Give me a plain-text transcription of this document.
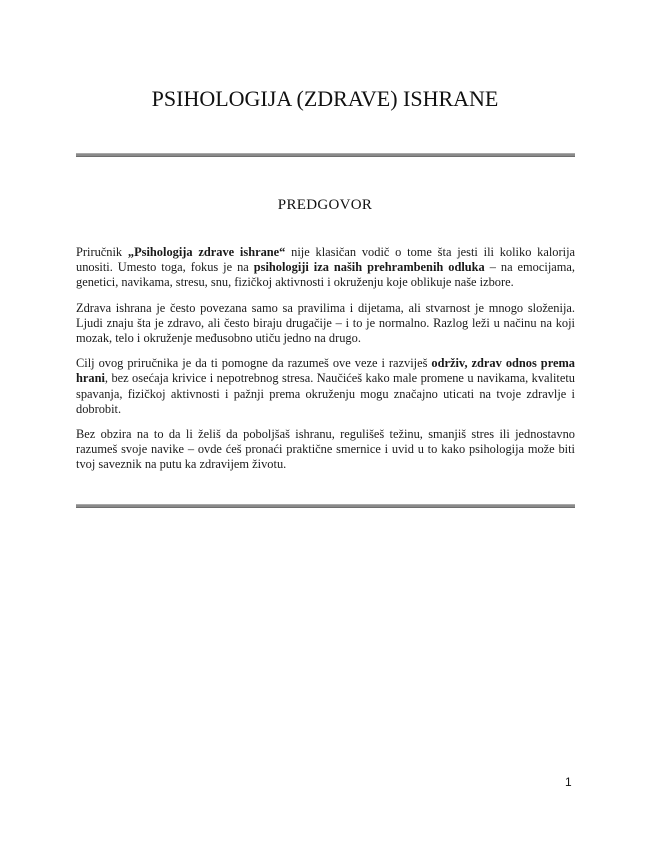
PSIHOLOGIJA (ZDRAVE) ISHRANE
PREDGOVOR

Priručnik „Psihologija zdrave ishrane“ nije klasičan vodič o tome šta jesti ili koliko kalorija unositi. Umesto toga, fokus je na psihologiji iza naših prehrambenih odluka – na emocijama, genetici, navikama, stresu, snu, fizičkoj aktivnosti i okruženju koje oblikuje naše izbore.

Zdrava ishrana je često povezana samo sa pravilima i dijetama, ali stvarnost je mnogo složenija. Ljudi znaju šta je zdravo, ali često biraju drugačije – i to je normalno. Razlog leži u načinu na koji mozak, telo i okruženje međusobno utiču jedno na drugo.

Cilj ovog priručnika je da ti pomogne da razumeš ove veze i razviješ održiv, zdrav odnos prema hrani, bez osećaja krivice i nepotrebnog stresa. Naučićeš kako male promene u navikama, kvalitetu spavanja, fizičkoj aktivnosti i pažnji prema okruženju mogu značajno uticati na tvoje zdravlje i dobrobit.

Bez obzira na to da li želiš da poboljšaš ishranu, regulišeš težinu, smanjiš stres ili jednostavno razumeš svoje navike – ovde ćeš pronaći praktične smernice i uvid u to kako psihologija može biti tvoj saveznik na putu ka zdravijem životu.

1
